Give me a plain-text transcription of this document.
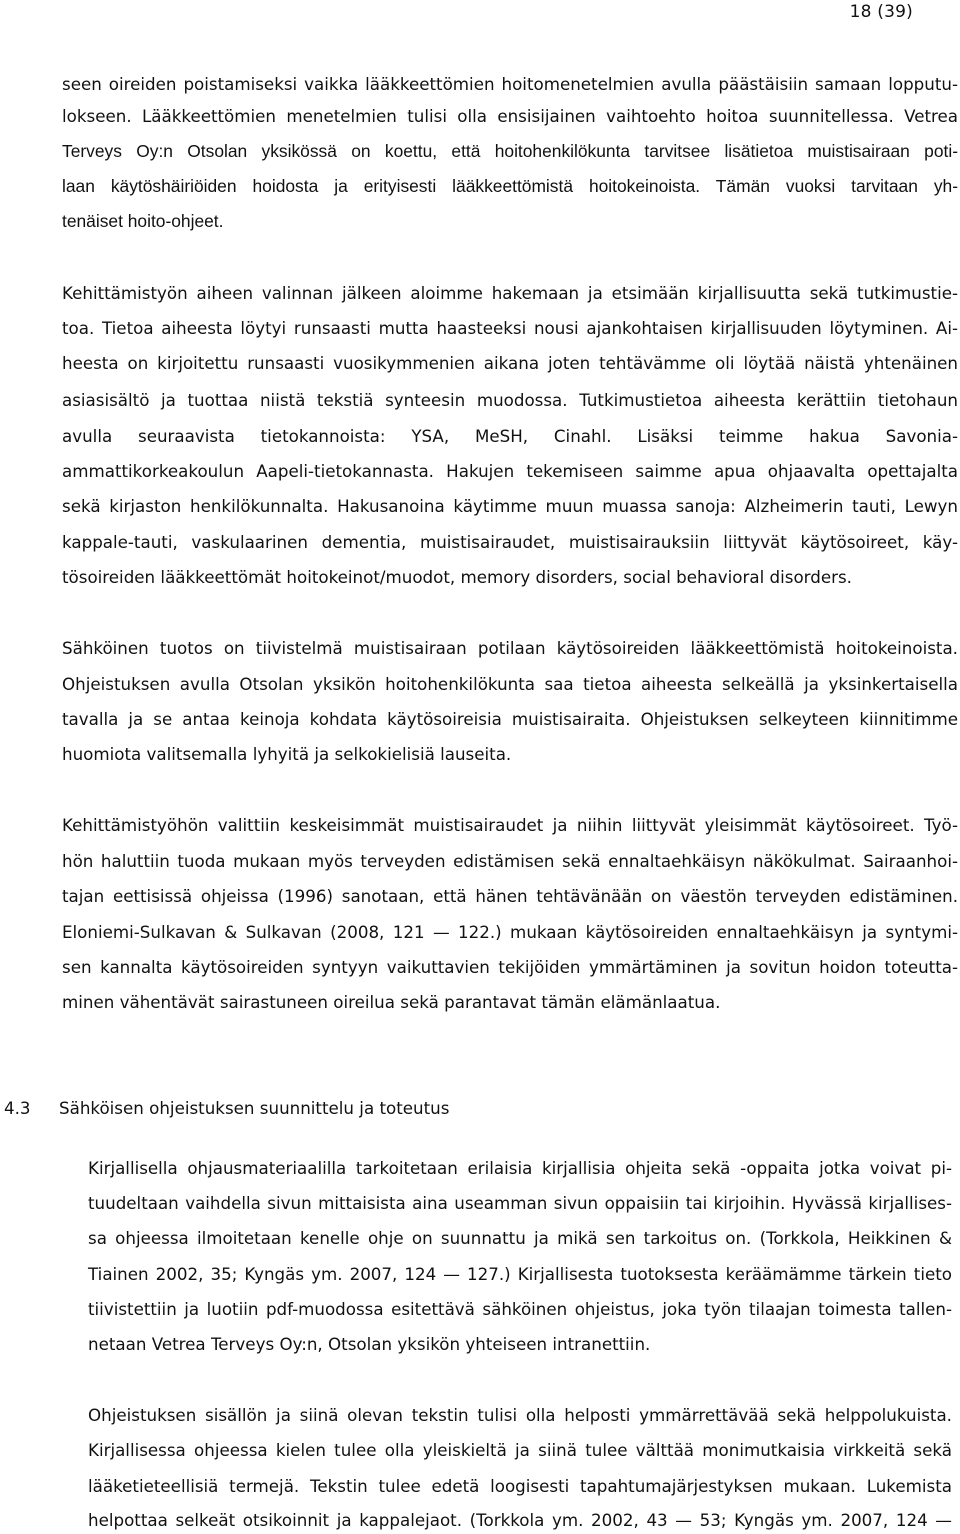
18 (39)
seen oireiden poistamiseksi vaikka lääkkeettömien hoitomenetelmien avulla päästäisiin samaan lopputu-
lokseen. Lääkkeettömien menetelmien tulisi olla ensisijainen vaihtoehto hoitoa suunnitellessa. Vetrea
Terveys Oy:n Otsolan yksikössä on koettu, että hoitohenkilökunta tarvitsee lisätietoa muistisairaan poti-
laan käytöshäiriöiden hoidosta ja erityisesti lääkkeettömistä hoitokeinoista. Tämän vuoksi tarvitaan yh-
tenäiset hoito-ohjeet.
Kehittämistyön aiheen valinnan jälkeen aloimme hakemaan ja etsimään kirjallisuutta sekä tutkimustie-
toa. Tietoa aiheesta löytyi runsaasti mutta haasteeksi nousi ajankohtaisen kirjallisuuden löytyminen. Ai-
heesta on kirjoitettu runsaasti vuosikymmenien aikana joten tehtävämme oli löytää näistä yhtenäinen
asiasisältö ja tuottaa niistä tekstiä synteesin muodossa. Tutkimustietoa aiheesta kerättiin tietohaun
avulla seuraavista tietokannoista: YSA, MeSH, Cinahl. Lisäksi teimme hakua Savonia-
ammattikorkeakoulun Aapeli-tietokannasta. Hakujen tekemiseen saimme apua ohjaavalta opettajalta
sekä kirjaston henkilökunnalta. Hakusanoina käytimme muun muassa sanoja: Alzheimerin tauti, Lewyn
kappale-tauti, vaskulaarinen dementia, muistisairaudet, muistisairauksiin liittyvät käytösoireet, käy-
tösoireiden lääkkeettömät hoitokeinot/muodot, memory disorders, social behavioral disorders.
Sähköinen tuotos on tiivistelmä muistisairaan potilaan käytösoireiden lääkkeettömistä hoitokeinoista.
Ohjeistuksen avulla Otsolan yksikön hoitohenkilökunta saa tietoa aiheesta selkeällä ja yksinkertaisella
tavalla ja se antaa keinoja kohdata käytösoireisia muistisairaita. Ohjeistuksen selkeyteen kiinnitimme
huomiota valitsemalla lyhyitä ja selkokielisiä lauseita.
Kehittämistyöhön valittiin keskeisimmät muistisairaudet ja niihin liittyvät yleisimmät käytösoireet. Työ-
hön haluttiin tuoda mukaan myös terveyden edistämisen sekä ennaltaehkäisyn näkökulmat. Sairaanhoi-
tajan eettisissä ohjeissa (1996) sanotaan, että hänen tehtävänään on väestön terveyden edistäminen.
Eloniemi-Sulkavan & Sulkavan (2008, 121 — 122.) mukaan käytösoireiden ennaltaehkäisyn ja syntymi-
sen kannalta käytösoireiden syntyyn vaikuttavien tekijöiden ymmärtäminen ja sovitun hoidon toteutta-
minen vähentävät sairastuneen oireilua sekä parantavat tämän elämänlaatua.
4.3 Sähköisen ohjeistuksen suunnittelu ja toteutus
Kirjallisella ohjausmateriaalilla tarkoitetaan erilaisia kirjallisia ohjeita sekä -oppaita jotka voivat pi-
tuudeltaan vaihdella sivun mittaisista aina useamman sivun oppaisiin tai kirjoihin. Hyvässä kirjallises-
sa ohjeessa ilmoitetaan kenelle ohje on suunnattu ja mikä sen tarkoitus on. (Torkkola, Heikkinen &
Tiainen 2002, 35; Kyngäs ym. 2007, 124 — 127.) Kirjallisesta tuotoksesta keräämämme tärkein tieto
tiivistettiin ja luotiin pdf-muodossa esitettävä sähköinen ohjeistus, joka työn tilaajan toimesta tallen-
netaan Vetrea Terveys Oy:n, Otsolan yksikön yhteiseen intranettiin.
Ohjeistuksen sisällön ja siinä olevan tekstin tulisi olla helposti ymmärrettävää sekä helppolukuista.
Kirjallisessa ohjeessa kielen tulee olla yleiskieltä ja siinä tulee välttää monimutkaisia virkkeitä sekä
lääketieteellisiä termejä. Tekstin tulee edetä loogisesti tapahtumajärjestyksen mukaan. Lukemista
helpottaa selkeät otsikoinnit ja kappalejaot. (Torkkola ym. 2002, 43 — 53; Kyngäs ym. 2007, 124 —
